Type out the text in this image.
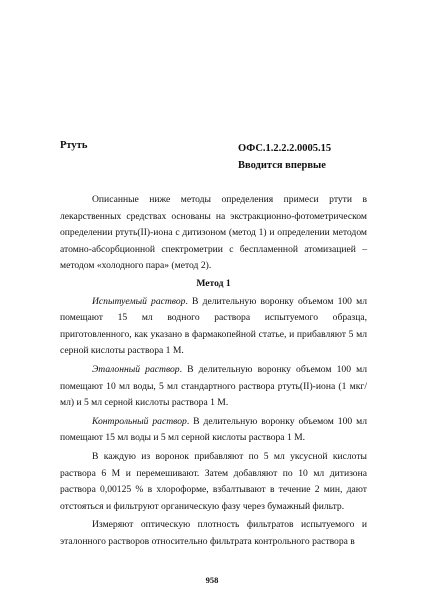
Ртуть	ОФС.1.2.2.2.0005.15
Вводится впервые

Описанные ниже методы определения примеси ртути в лекарственных средствах основаны на экстракционно-фотометрическом определении ртуть(II)-иона с дитизоном (метод 1) и определении методом атомно-абсорбционной спектрометрии с беспламенной атомизацией – методом «холодного пара» (метод 2).

Метод 1

Испытуемый раствор. В делительную воронку объемом 100 мл помещают 15 мл водного раствора испытуемого образца, приготовленного, как указано в фармакопейной статье, и прибавляют 5 мл серной кислоты раствора 1 М.

Эталонный раствор. В делительную воронку объемом 100 мл помещают 10 мл воды, 5 мл стандартного раствора ртуть(II)-иона (1 мкг/мл) и 5 мл серной кислоты раствора 1 М.

Контрольный раствор. В делительную воронку объемом 100 мл помещают 15 мл воды и 5 мл серной кислоты раствора 1 М.

В каждую из воронок прибавляют по 5 мл уксусной кислоты раствора 6 М и перемешивают. Затем добавляют по 10 мл дитизона раствора 0,00125 % в хлороформе, взбалтывают в течение 2 мин, дают отстояться и фильтруют органическую фазу через бумажный фильтр.

Измеряют оптическую плотность фильтратов испытуемого и эталонного растворов относительно фильтрата контрольного раствора в

958
